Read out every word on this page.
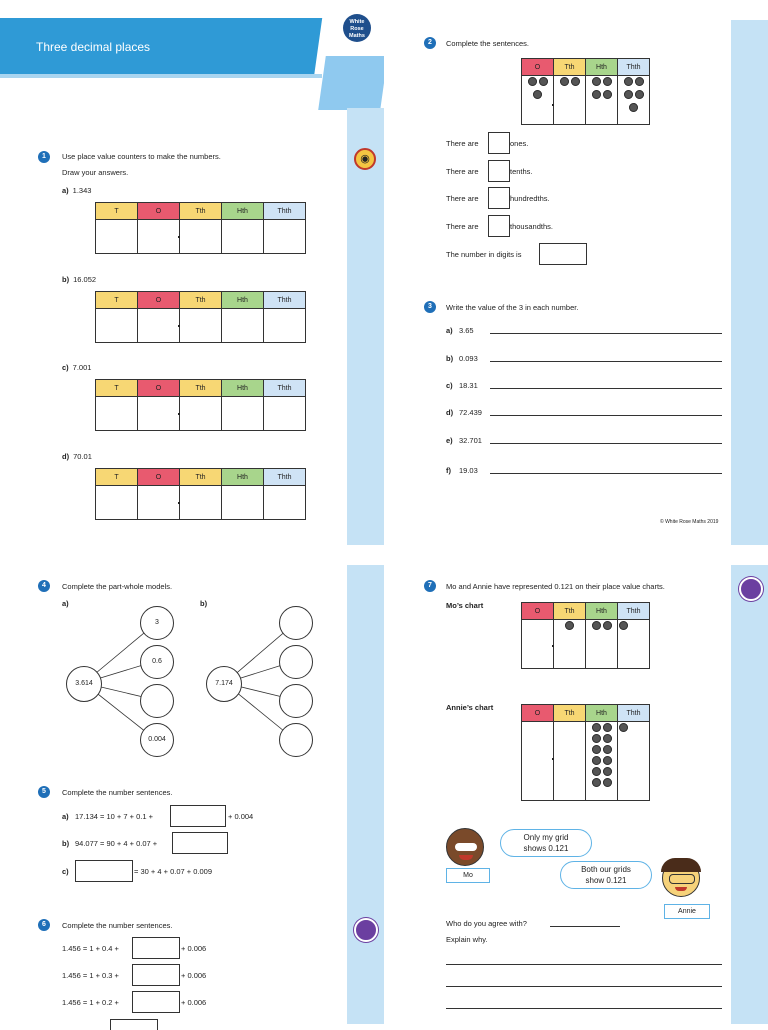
Three decimal places
White
Rose
Maths
◉
1	Use place value counters to make the numbers.
Draw your answers.
a) 1.343
T	O	Tth	Hth	Thth

b) 16.052
T	O	Tth	Hth	Thth

c) 7.001
T	O	Tth	Hth	Thth

d) 70.01
T	O	Tth	Hth	Thth

2	Complete the sentences.
O	Tth	Hth	Thth

There are	ones.
There are	tenths.
There are	hundredths.
There are	thousandths.
The number in digits is
3	Write the value of the 3 in each number.
a) 3.65
b) 0.093
c) 18.31
d) 72.439
e) 32.701
f) 19.03
© White Rose Maths 2019
4	Complete the part-whole models.
a)	b)
3.614
3
0.6
0.004
7.174
5	Complete the number sentences.
a) 17.134 = 10 + 7 + 0.1 +	+ 0.004
b) 94.077 = 90 + 4 + 0.07 +
c)	= 30 + 4 + 0.07 + 0.009
6	Complete the number sentences.
1.456 = 1 + 0.4 +	+ 0.006
1.456 = 1 + 0.3 +	+ 0.006
1.456 = 1 + 0.2 +	+ 0.006
7	Mo and Annie have represented 0.121 on their place value charts.
Mo’s chart
O	Tth	Hth	Thth

Annie’s chart
O	Tth	Hth	Thth

Mo
Only my grid shows 0.121
Annie
Both our grids show 0.121
Who do you agree with?
Explain why.
